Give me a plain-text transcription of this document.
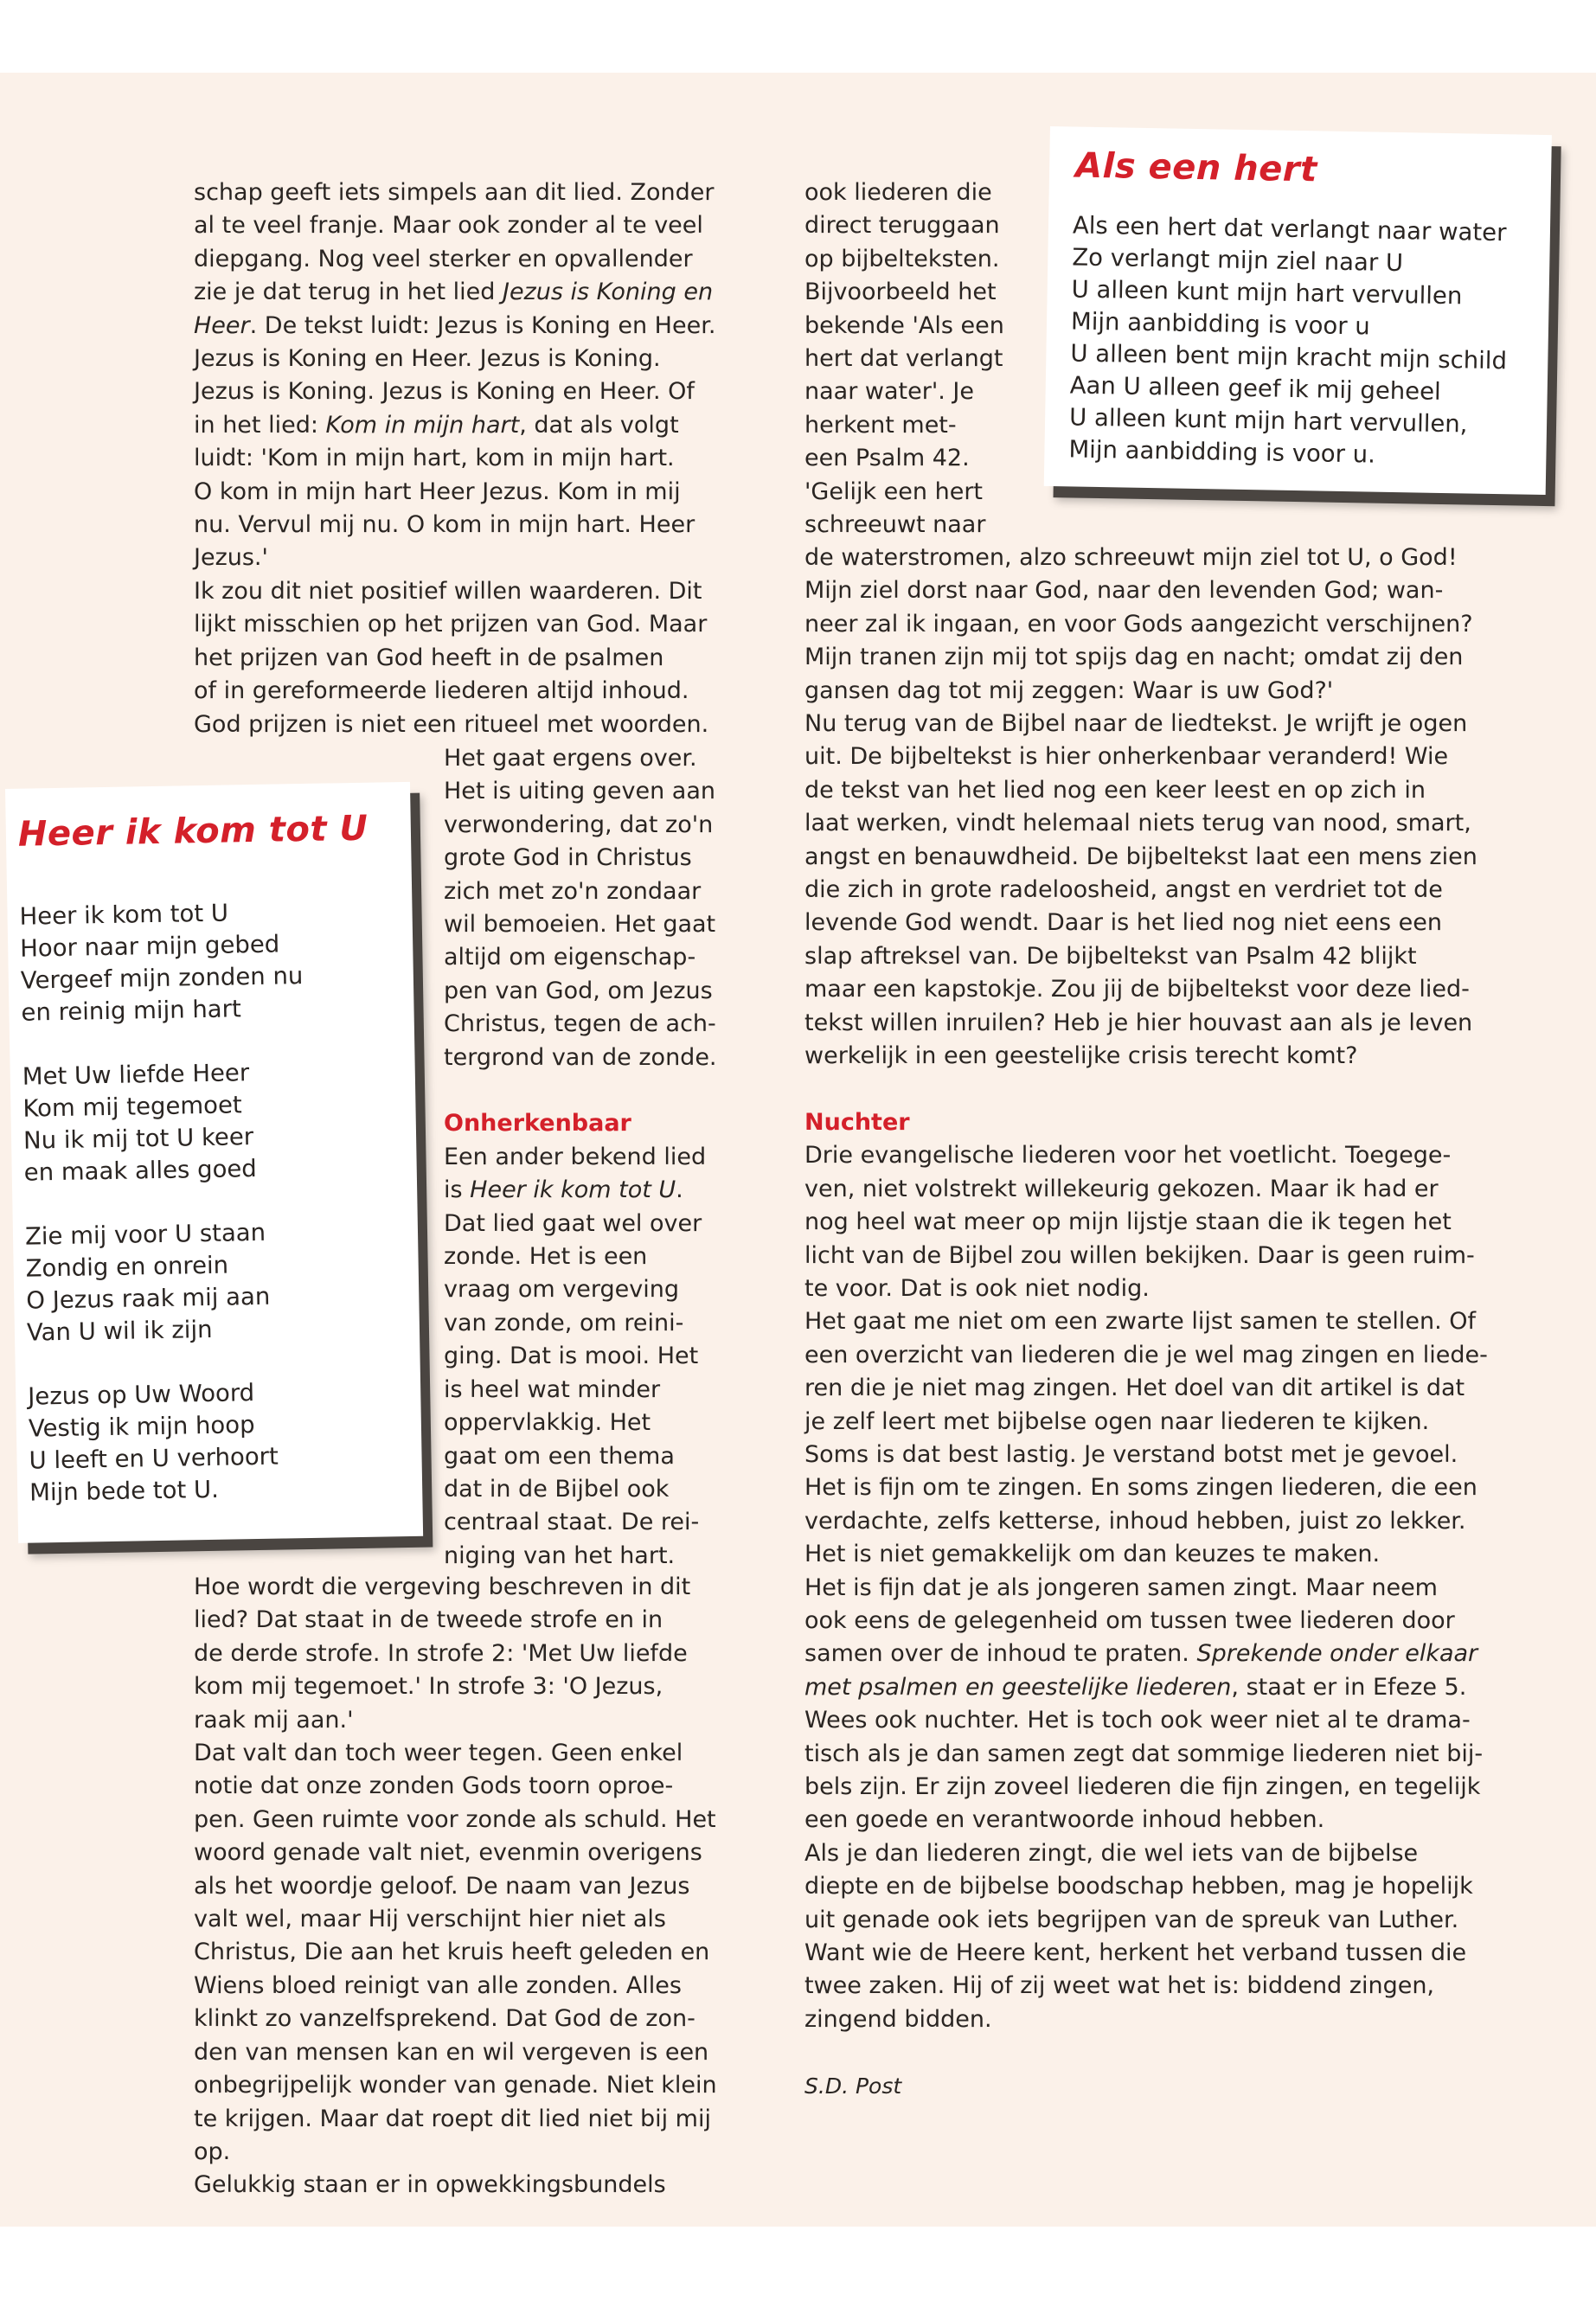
schap geeft iets simpels aan dit lied. Zonder
al te veel franje. Maar ook zonder al te veel
diepgang. Nog veel sterker en opvallender
zie je dat terug in het lied Jezus is Koning en
Heer. De tekst luidt: Jezus is Koning en Heer.
Jezus is Koning en Heer. Jezus is Koning.
Jezus is Koning. Jezus is Koning en Heer. Of
in het lied: Kom in mijn hart, dat als volgt
luidt: 'Kom in mijn hart, kom in mijn hart.
O kom in mijn hart Heer Jezus. Kom in mij
nu. Vervul mij nu. O kom in mijn hart. Heer
Jezus.'
Ik zou dit niet positief willen waarderen. Dit
lijkt misschien op het prijzen van God. Maar
het prijzen van God heeft in de psalmen
of in gereformeerde liederen altijd inhoud.
God prijzen is niet een ritueel met woorden.
Het gaat ergens over.
Het is uiting geven aan
verwondering, dat zo'n
grote God in Christus
zich met zo'n zondaar
wil bemoeien. Het gaat
altijd om eigenschap-
pen van God, om Jezus
Christus, tegen de ach-
tergrond van de zonde.
Onherkenbaar
Een ander bekend lied
is Heer ik kom tot U.
Dat lied gaat wel over
zonde. Het is een
vraag om vergeving
van zonde, om reini-
ging. Dat is mooi. Het
is heel wat minder
oppervlakkig. Het
gaat om een thema
dat in de Bijbel ook
centraal staat. De rei-
niging van het hart.
Hoe wordt die vergeving beschreven in dit
lied? Dat staat in de tweede strofe en in
de derde strofe. In strofe 2: 'Met Uw liefde
kom mij tegemoet.' In strofe 3: 'O Jezus,
raak mij aan.'
Dat valt dan toch weer tegen. Geen enkel
notie dat onze zonden Gods toorn oproe-
pen. Geen ruimte voor zonde als schuld. Het
woord genade valt niet, evenmin overigens
als het woordje geloof. De naam van Jezus
valt wel, maar Hij verschijnt hier niet als
Christus, Die aan het kruis heeft geleden en
Wiens bloed reinigt van alle zonden. Alles
klinkt zo vanzelfsprekend. Dat God de zon-
den van mensen kan en wil vergeven is een
onbegrijpelijk wonder van genade. Niet klein
te krijgen. Maar dat roept dit lied niet bij mij
op.
Gelukkig staan er in opwekkingsbundels
ook liederen die
direct teruggaan
op bijbelteksten.
Bijvoorbeeld het
bekende 'Als een
hert dat verlangt
naar water'. Je
herkent met-
een Psalm 42.
'Gelijk een hert
schreeuwt naar
de waterstromen, alzo schreeuwt mijn ziel tot U, o God!
Mijn ziel dorst naar God, naar den levenden God; wan-
neer zal ik ingaan, en voor Gods aangezicht verschijnen?
Mijn tranen zijn mij tot spijs dag en nacht; omdat zij den
gansen dag tot mij zeggen: Waar is uw God?'
Nu terug van de Bijbel naar de liedtekst. Je wrijft je ogen
uit. De bijbeltekst is hier onherkenbaar veranderd! Wie
de tekst van het lied nog een keer leest en op zich in
laat werken, vindt helemaal niets terug van nood, smart,
angst en benauwdheid. De bijbeltekst laat een mens zien
die zich in grote radeloosheid, angst en verdriet tot de
levende God wendt. Daar is het lied nog niet eens een
slap aftreksel van. De bijbeltekst van Psalm 42 blijkt
maar een kapstokje. Zou jij de bijbeltekst voor deze lied-
tekst willen inruilen? Heb je hier houvast aan als je leven
werkelijk in een geestelijke crisis terecht komt?
Nuchter
Drie evangelische liederen voor het voetlicht. Toegege-
ven, niet volstrekt willekeurig gekozen. Maar ik had er
nog heel wat meer op mijn lijstje staan die ik tegen het
licht van de Bijbel zou willen bekijken. Daar is geen ruim-
te voor. Dat is ook niet nodig.
Het gaat me niet om een zwarte lijst samen te stellen. Of
een overzicht van liederen die je wel mag zingen en liede-
ren die je niet mag zingen. Het doel van dit artikel is dat
je zelf leert met bijbelse ogen naar liederen te kijken.
Soms is dat best lastig. Je verstand botst met je gevoel.
Het is fijn om te zingen. En soms zingen liederen, die een
verdachte, zelfs ketterse, inhoud hebben, juist zo lekker.
Het is niet gemakkelijk om dan keuzes te maken.
Het is fijn dat je als jongeren samen zingt. Maar neem
ook eens de gelegenheid om tussen twee liederen door
samen over de inhoud te praten. Sprekende onder elkaar
met psalmen en geestelijke liederen, staat er in Efeze 5.
Wees ook nuchter. Het is toch ook weer niet al te drama-
tisch als je dan samen zegt dat sommige liederen niet bij-
bels zijn. Er zijn zoveel liederen die fijn zingen, en tegelijk
een goede en verantwoorde inhoud hebben.
Als je dan liederen zingt, die wel iets van de bijbelse
diepte en de bijbelse boodschap hebben, mag je hopelijk
uit genade ook iets begrijpen van de spreuk van Luther.
Want wie de Heere kent, herkent het verband tussen die
twee zaken. Hij of zij weet wat het is: biddend zingen,
zingend bidden.
S.D. Post
Als een hert
Als een hert dat verlangt naar water
Zo verlangt mijn ziel naar U
U alleen kunt mijn hart vervullen
Mijn aanbidding is voor u
U alleen bent mijn kracht mijn schild
Aan U alleen geef ik mij geheel
U alleen kunt mijn hart vervullen,
Mijn aanbidding is voor u.
Heer ik kom tot U
Heer ik kom tot U
Hoor naar mijn gebed
Vergeef mijn zonden nu
en reinig mijn hart
Met Uw liefde Heer
Kom mij tegemoet
Nu ik mij tot U keer
en maak alles goed
Zie mij voor U staan
Zondig en onrein
O Jezus raak mij aan
Van U wil ik zijn
Jezus op Uw Woord
Vestig ik mijn hoop
U leeft en U verhoort
Mijn bede tot U.
